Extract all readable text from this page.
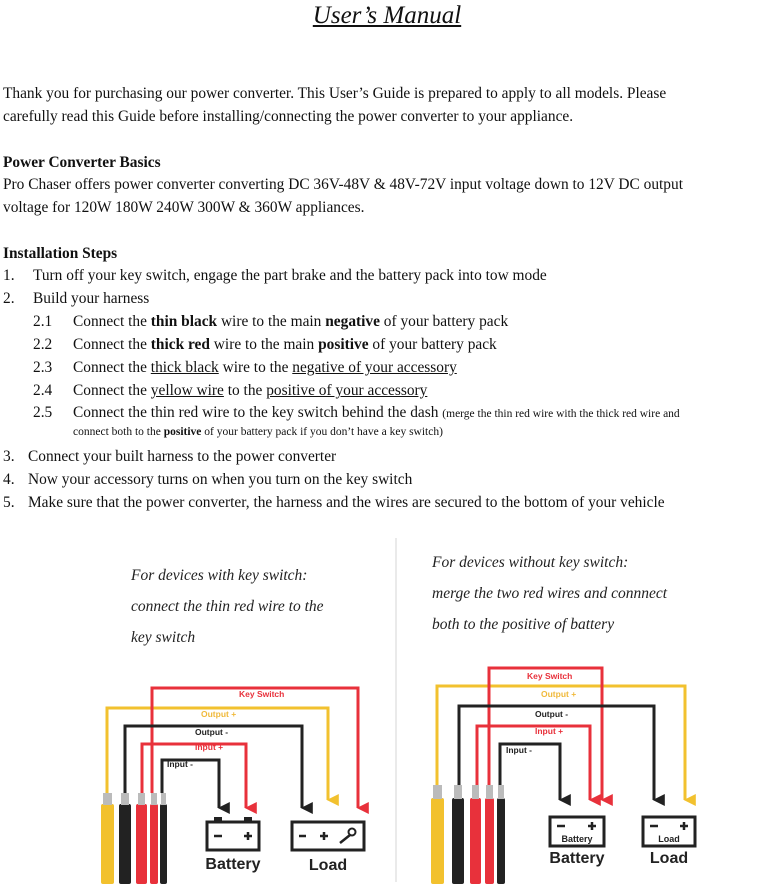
User’s Manual
Thank you for purchasing our power converter. This User’s Guide is prepared to apply to all models. Please
carefully read this Guide before installing/connecting the power converter to your appliance.
Power Converter Basics
Pro Chaser offers power converter converting DC 36V-48V & 48V-72V input voltage down to 12V DC output
voltage for 120W 180W 240W 300W & 360W appliances.
Installation Steps
1. Turn off your key switch, engage the part brake and the battery pack into tow mode
2. Build your harness
2.1 Connect the thin black wire to the main negative of your battery pack
2.2 Connect the thick red wire to the main positive of your battery pack
2.3 Connect the thick black wire to the negative of your accessory
2.4 Connect the yellow wire to the positive of your accessory
2.5 Connect the thin red wire to the key switch behind the dash (merge the thin red wire with the thick red wire and
connect both to the positive of your battery pack if you don’t have a key switch)
3. Connect your built harness to the power converter
4. Now your accessory turns on when you turn on the key switch
5. Make sure that the power converter, the harness and the wires are secured to the bottom of your vehicle
For devices with key switch:
connect the thin red wire to the
key switch
For devices without key switch:
merge the two red wires and connnect
both to the positive of battery
Key Switch
Output +
Output -
Input +
Input -
Battery	Load
Key Switch
Output +
Output -
Input +
Input -
Battery
Battery
Load
Load
